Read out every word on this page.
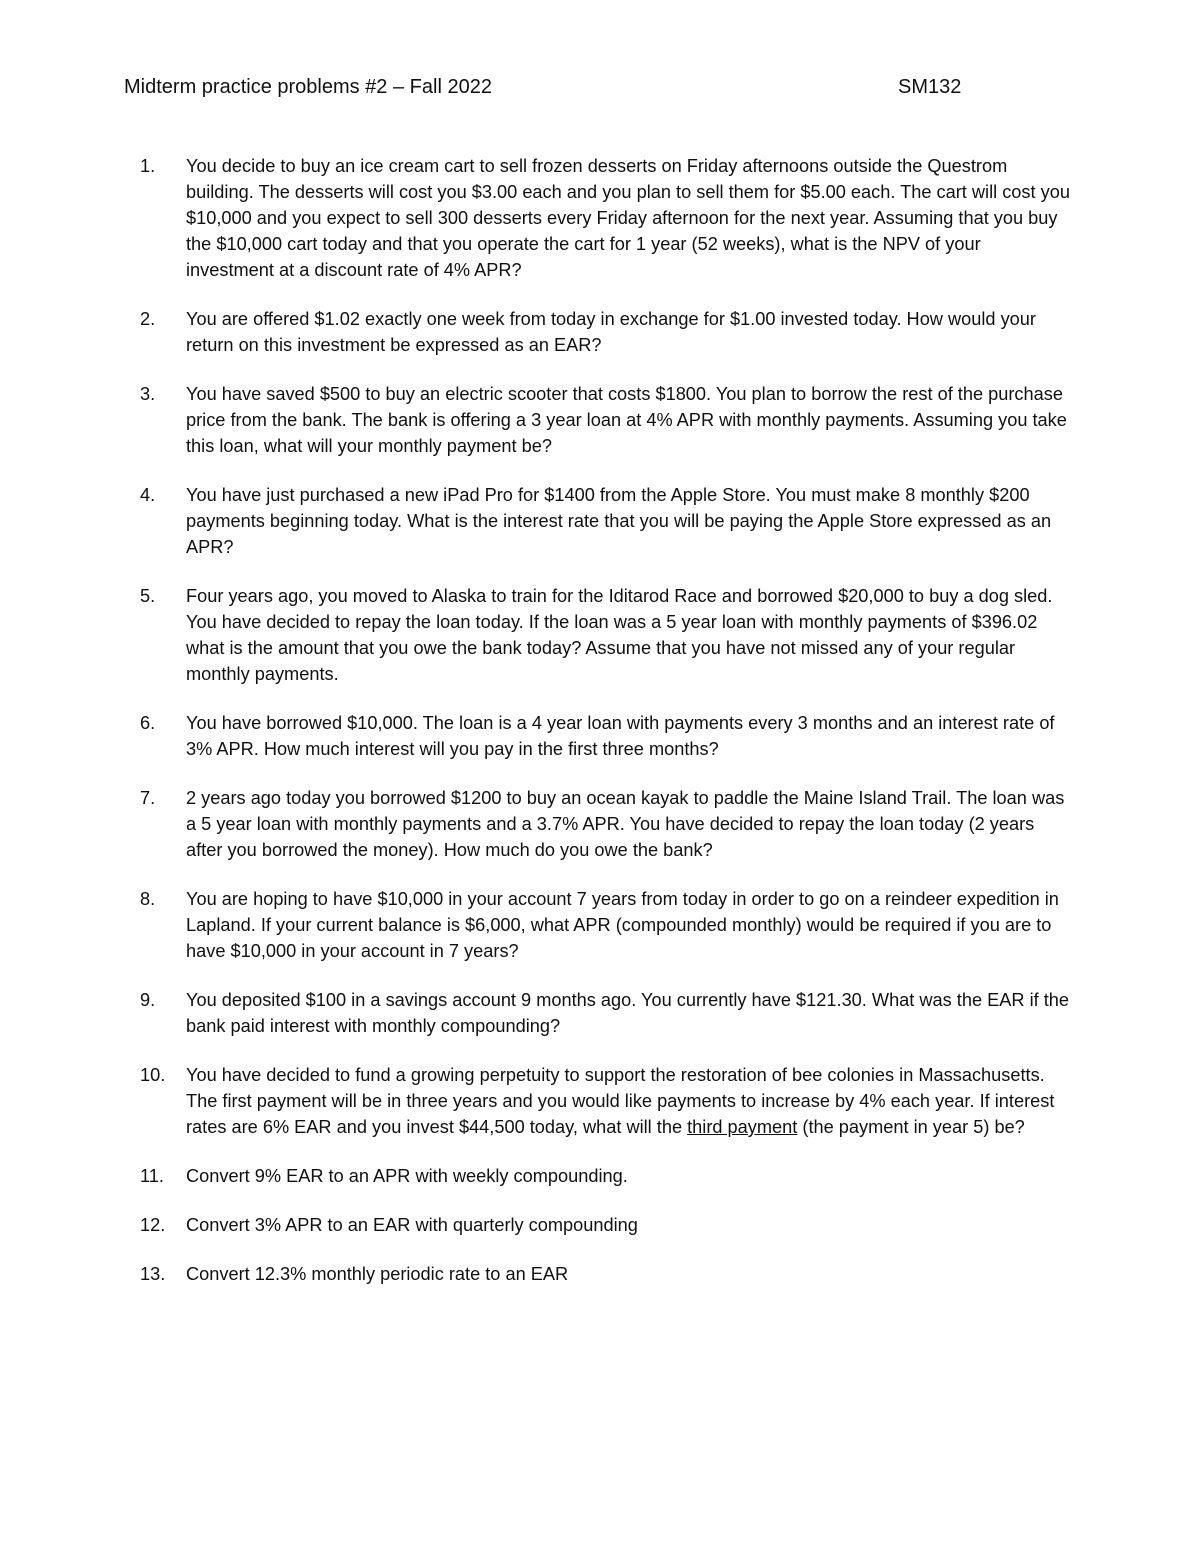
Midterm practice problems #2 – Fall 2022	SM132
1.	You decide to buy an ice cream cart to sell frozen desserts on Friday afternoons outside the Questrom building. The desserts will cost you $3.00 each and you plan to sell them for $5.00 each. The cart will cost you $10,000 and you expect to sell 300 desserts every Friday afternoon for the next year. Assuming that you buy the $10,000 cart today and that you operate the cart for 1 year (52 weeks), what is the NPV of your investment at a discount rate of 4% APR?
2.	You are offered $1.02 exactly one week from today in exchange for $1.00 invested today. How would your return on this investment be expressed as an EAR?
3.	You have saved $500 to buy an electric scooter that costs $1800. You plan to borrow the rest of the purchase price from the bank. The bank is offering a 3 year loan at 4% APR with monthly payments. Assuming you take this loan, what will your monthly payment be?
4.	You have just purchased a new iPad Pro for $1400 from the Apple Store. You must make 8 monthly $200 payments beginning today. What is the interest rate that you will be paying the Apple Store expressed as an APR?
5.	Four years ago, you moved to Alaska to train for the Iditarod Race and borrowed $20,000 to buy a dog sled. You have decided to repay the loan today. If the loan was a 5 year loan with monthly payments of $396.02 what is the amount that you owe the bank today? Assume that you have not missed any of your regular monthly payments.
6.	You have borrowed $10,000. The loan is a 4 year loan with payments every 3 months and an interest rate of 3% APR. How much interest will you pay in the first three months?
7.	2 years ago today you borrowed $1200 to buy an ocean kayak to paddle the Maine Island Trail. The loan was a 5 year loan with monthly payments and a 3.7% APR. You have decided to repay the loan today (2 years after you borrowed the money). How much do you owe the bank?
8.	You are hoping to have $10,000 in your account 7 years from today in order to go on a reindeer expedition in Lapland. If your current balance is $6,000, what APR (compounded monthly) would be required if you are to have $10,000 in your account in 7 years?
9.	You deposited $100 in a savings account 9 months ago. You currently have $121.30. What was the EAR if the bank paid interest with monthly compounding?
10.	You have decided to fund a growing perpetuity to support the restoration of bee colonies in Massachusetts. The first payment will be in three years and you would like payments to increase by 4% each year. If interest rates are 6% EAR and you invest $44,500 today, what will the third payment (the payment in year 5) be?
11.	Convert 9% EAR to an APR with weekly compounding.
12.	Convert 3% APR to an EAR with quarterly compounding
13.	Convert 12.3% monthly periodic rate to an EAR
